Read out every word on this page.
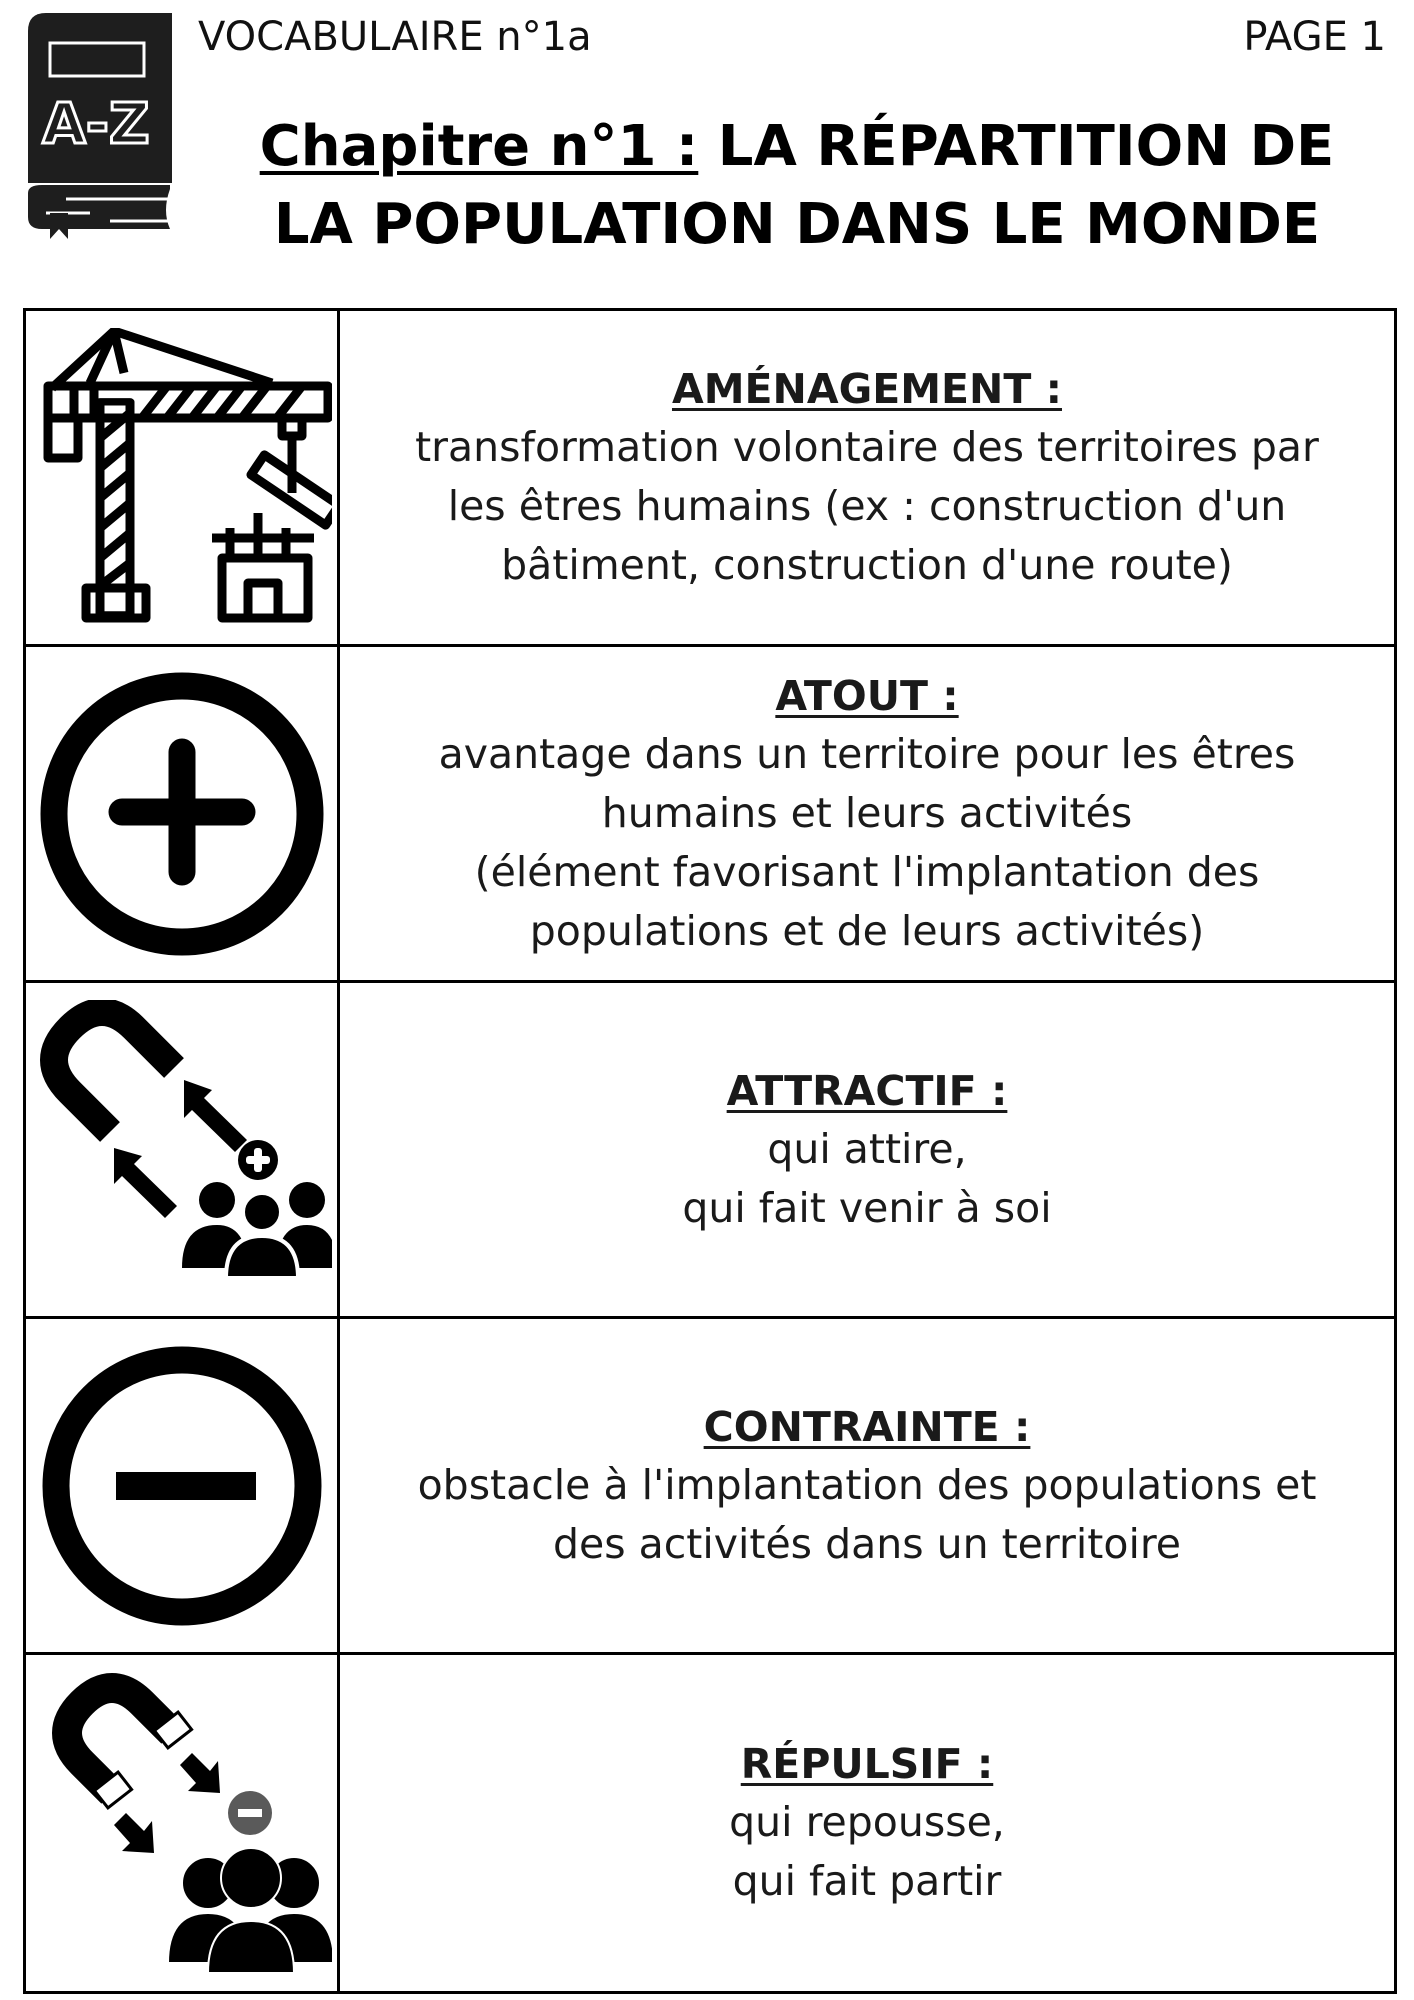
A-Z
VOCABULAIRE n°1a	PAGE 1
Chapitre n°1 : LA RÉPARTITION DE
LA POPULATION DANS LE MONDE
AMÉNAGEMENT :
transformation volontaire des territoires par
les êtres humains (ex : construction d'un
bâtiment, construction d'une route)
ATOUT :
avantage dans un territoire pour les êtres
humains et leurs activités
(élément favorisant l'implantation des
populations et de leurs activités)
ATTRACTIF :
qui attire,
qui fait venir à soi
CONTRAINTE :
obstacle à l'implantation des populations et
des activités dans un territoire
RÉPULSIF :
qui repousse,
qui fait partir
